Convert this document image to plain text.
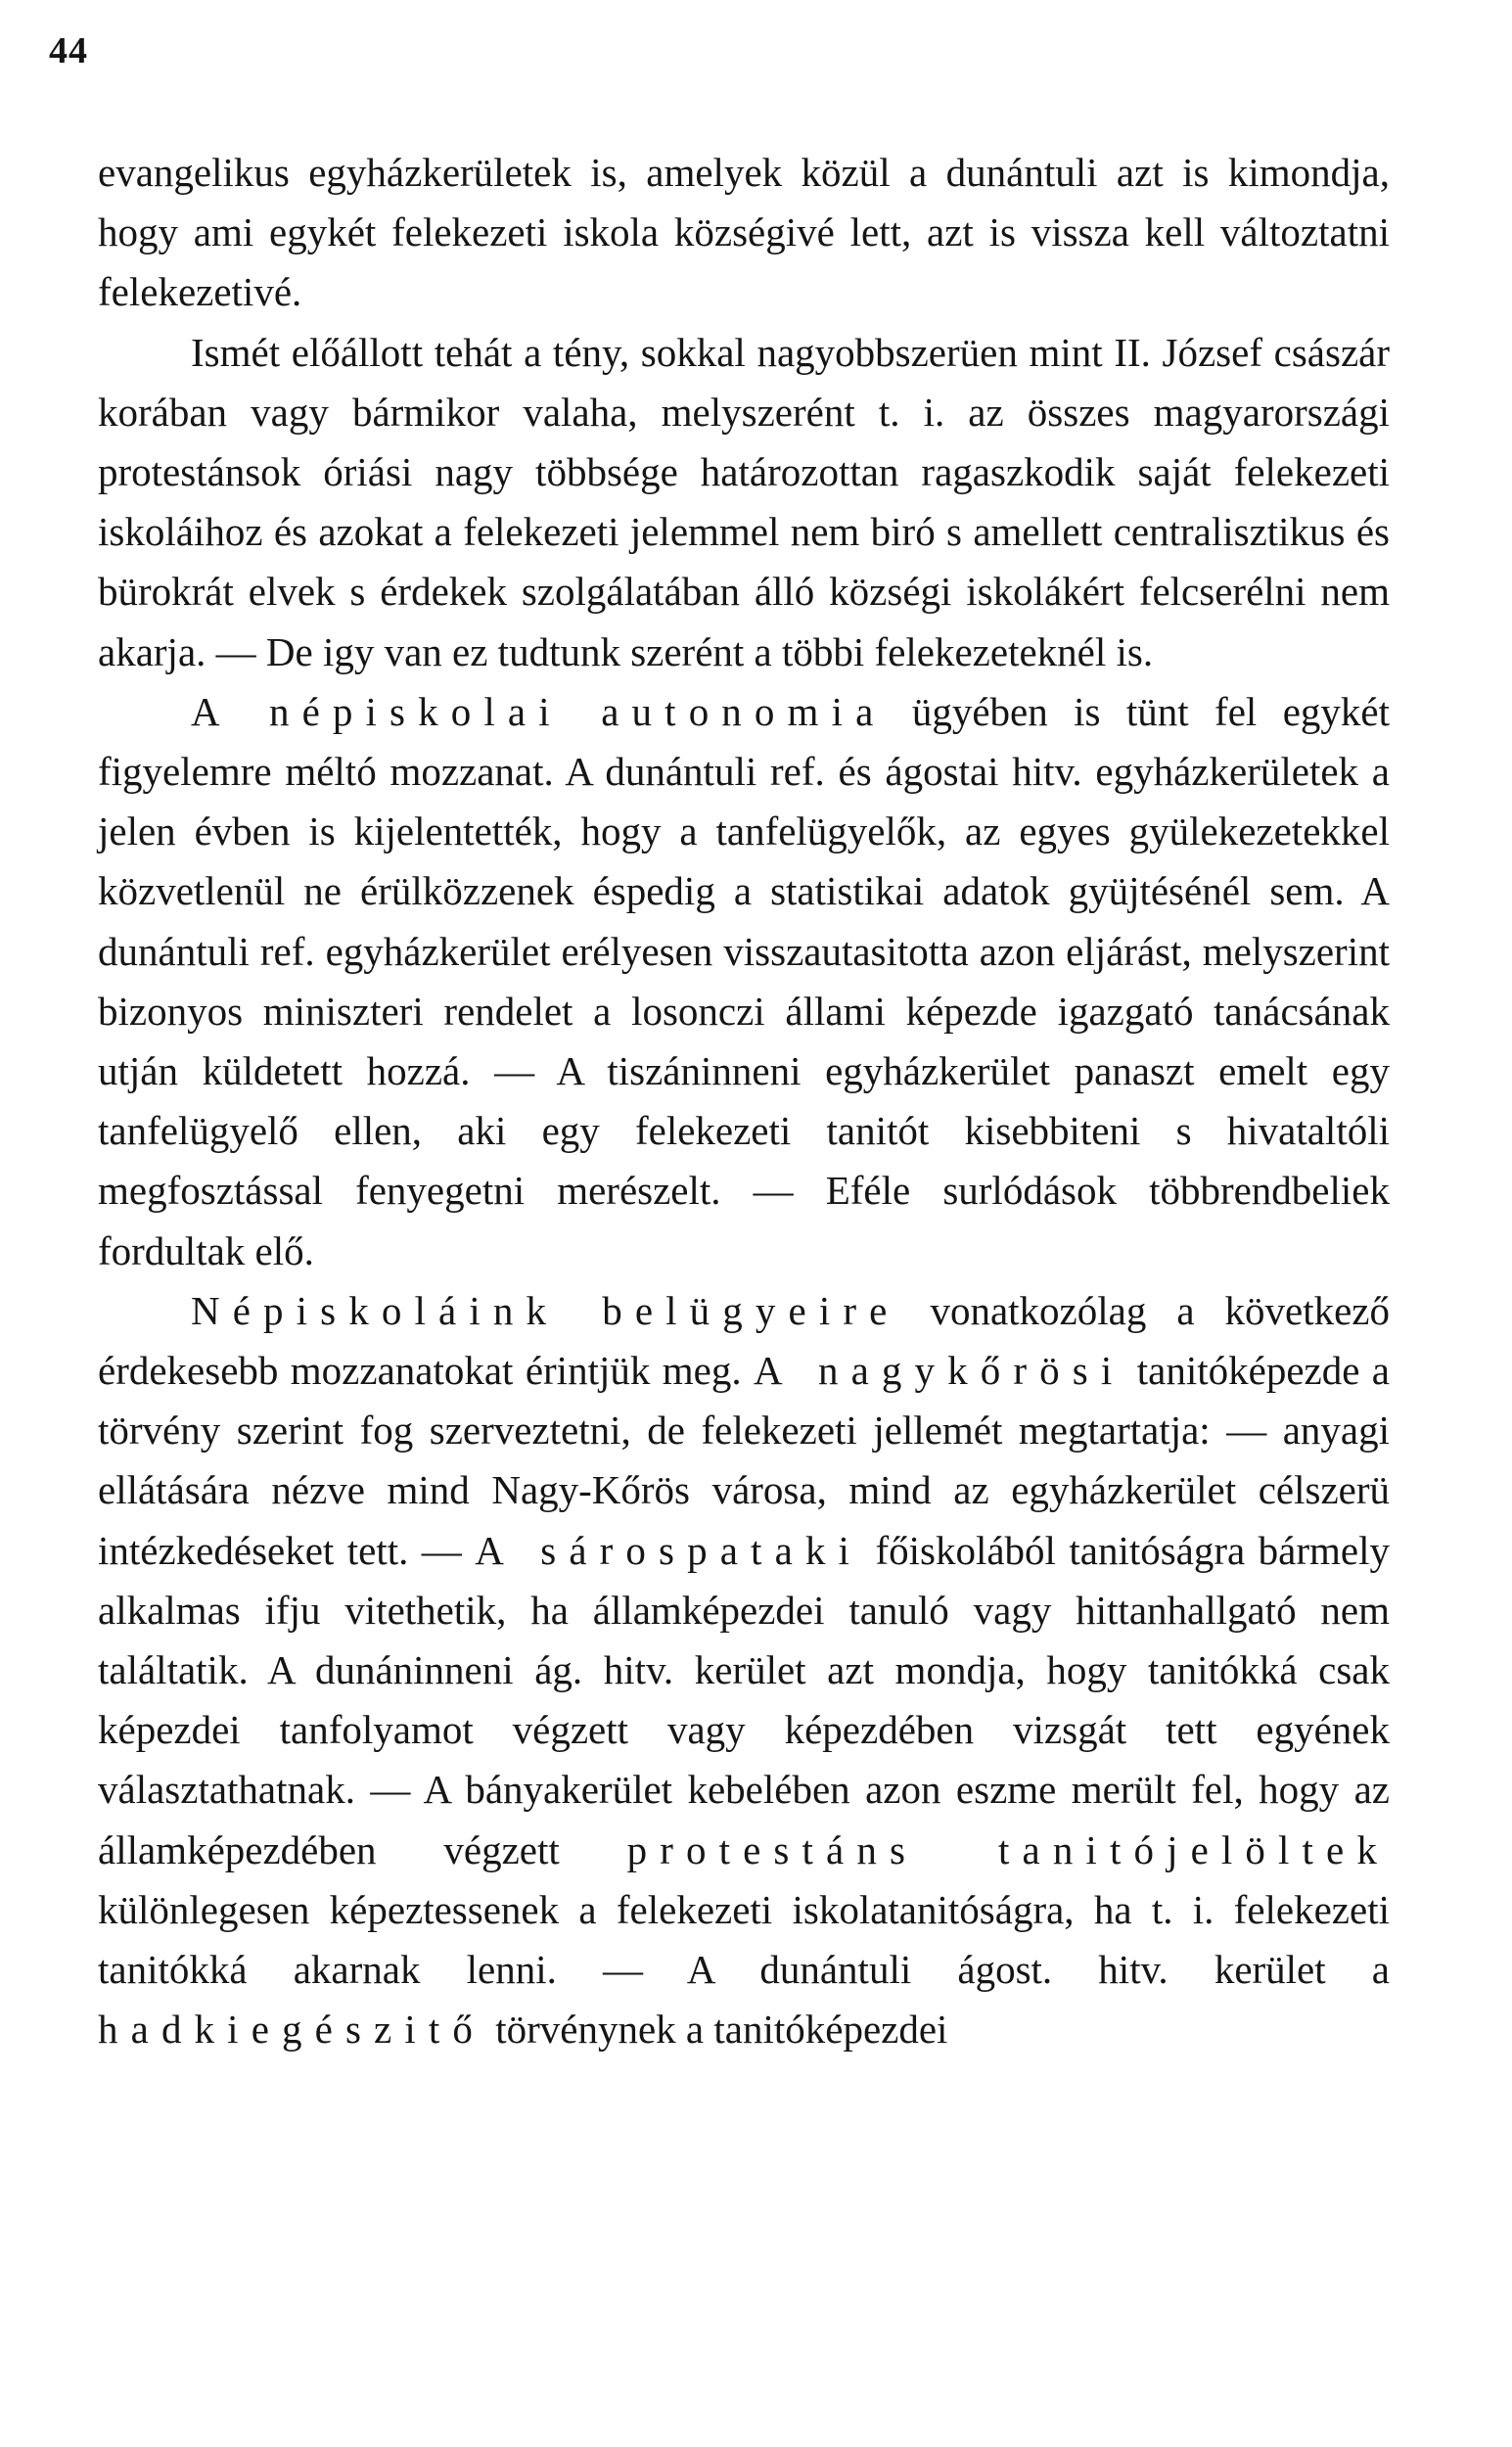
44

evangelikus egyházkerületek is, amelyek közül a dunántuli azt is kimondja, hogy ami egykét felekezeti iskola községivé lett, azt is vissza kell változtatni felekezetivé.

Ismét előállott tehát a tény, sokkal nagyobbszerüen mint II. József császár korában vagy bármikor valaha, melyszerént t. i. az összes magyarországi protestánsok óriási nagy többsége határozottan ragaszkodik saját felekezeti iskoláihoz és azokat a felekezeti jelemmel nem biró s amellett centralisztikus és bürokrát elvek s érdekek szolgálatában álló községi iskolákért felcserélni nem akarja. — De igy van ez tudtunk szerént a többi felekezeteknél is.

A népiskolai autonomia ügyében is tünt fel egykét figyelemre méltó mozzanat. A dunántuli ref. és ágostai hitv. egyházkerületek a jelen évben is kijelentették, hogy a tanfelügyelők, az egyes gyülekezetekkel közvetlenül ne érülközzenek éspedig a statistikai adatok gyüjtésénél sem. A dunántuli ref. egyházkerület erélyesen visszautasitotta azon eljárást, melyszerint bizonyos miniszteri rendelet a losonczi állami képezde igazgató tanácsának utján küldetett hozzá. — A tiszáninneni egyházkerület panaszt emelt egy tanfelügyelő ellen, aki egy felekezeti tanitót kisebbiteni s hivataltóli megfosztással fenyegetni merészelt. — Eféle surlódások többrendbeliek fordultak elő.

Népiskoláink belügyeire vonatkozólag a következő érdekesebb mozzanatokat érintjük meg. A nagykőrösi tanitóképezde a törvény szerint fog szerveztetni, de felekezeti jellemét megtartatja: — anyagi ellátására nézve mind Nagy-Kőrös városa, mind az egyházkerület célszerü intézkedéseket tett. — A sárospataki főiskolából tanitóságra bármely alkalmas ifju vitethetik, ha államképezdei tanuló vagy hittanhallgató nem találtatik. A dunáninneni ág. hitv. kerület azt mondja, hogy tanitókká csak képezdei tanfolyamot végzett vagy képezdében vizsgát tett egyének választathatnak. — A bányakerület kebelében azon eszme merült fel, hogy az államképezdében végzett protestáns tanitójelöltek különlegesen képeztessenek a felekezeti iskolatanitóságra, ha t. i. felekezeti tanitókká akarnak lenni. — A dunántuli ágost. hitv. kerület a hadkiegészitő törvénynek a tanitóképezdei
